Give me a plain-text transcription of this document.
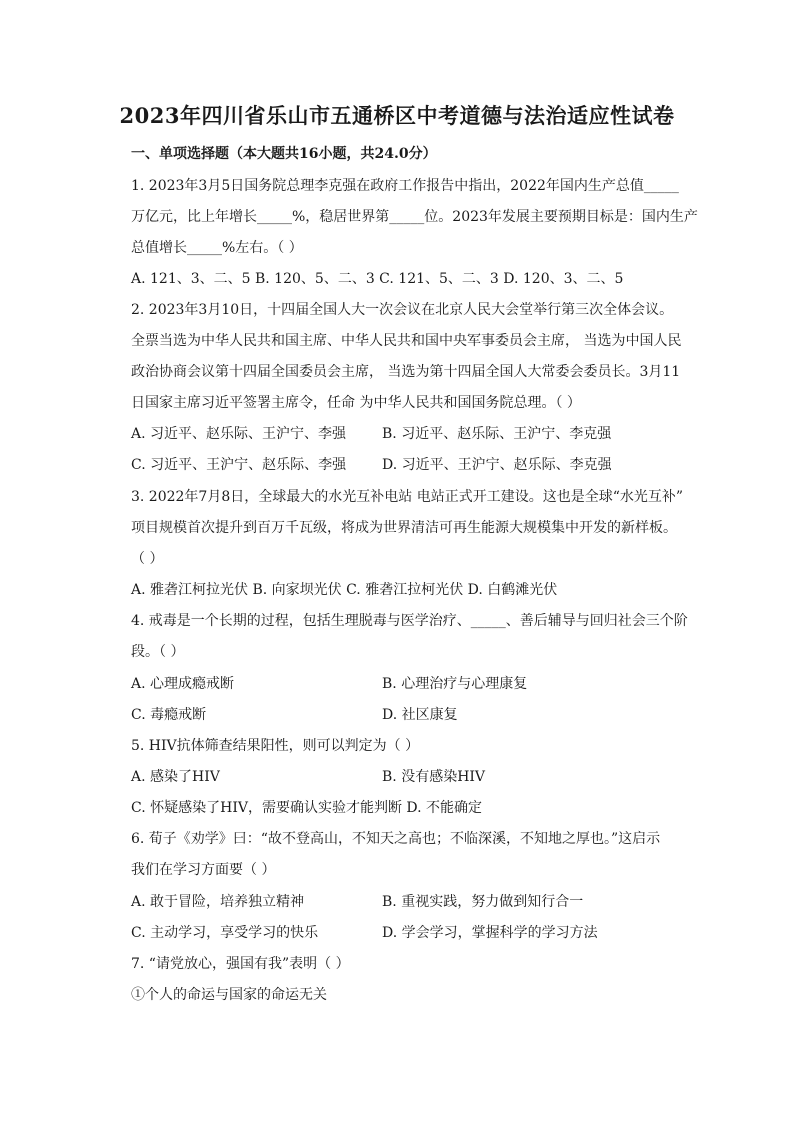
2023年四川省乐山市五通桥区中考道德与法治适应性试卷
一、单项选择题（本大题共16小题，共24.0分）
1. 2023年3月5日国务院总理李克强在政府工作报告中指出，2022年国内生产总值_____
万亿元，比上年增长_____%，稳居世界第_____位。2023年发展主要预期目标是：国内生产
总值增长_____%左右。（ ）
A. 121、3、二、5 B. 120、5、二、3 C. 121、5、二、3 D. 120、3、二、5
2. 2023年3月10日，十四届全国人大一次会议在北京人民大会堂举行第三次全体会议。
全票当选为中华人民共和国主席、中华人民共和国中央军事委员会主席， 当选为中国人民
政治协商会议第十四届全国委员会主席， 当选为第十四届全国人大常委会委员长。3月11
日国家主席习近平签署主席令，任命 为中华人民共和国国务院总理。（ ）
A. 习近平、赵乐际、王沪宁、李强	B. 习近平、赵乐际、王沪宁、李克强
C. 习近平、王沪宁、赵乐际、李强	D. 习近平、王沪宁、赵乐际、李克强
3. 2022年7月8日，全球最大的水光互补电站 电站正式开工建设。这也是全球“水光互补”
项目规模首次提升到百万千瓦级，将成为世界清洁可再生能源大规模集中开发的新样板。
（ ）
A. 雅砻江柯拉光伏 B. 向家坝光伏 C. 雅砻江拉柯光伏 D. 白鹤滩光伏
4. 戒毒是一个长期的过程，包括生理脱毒与医学治疗、_____、善后辅导与回归社会三个阶
段。（ ）
A. 心理成瘾戒断	B. 心理治疗与心理康复
C. 毒瘾戒断	D. 社区康复
5. HIV抗体筛查结果阳性，则可以判定为（ ）
A. 感染了HIV	B. 没有感染HIV
C. 怀疑感染了HIV，需要确认实验才能判断 D. 不能确定
6. 荀子《劝学》曰：“故不登高山，不知天之高也；不临深溪，不知地之厚也。”这启示
我们在学习方面要（ ）
A. 敢于冒险，培养独立精神	B. 重视实践，努力做到知行合一
C. 主动学习，享受学习的快乐	D. 学会学习，掌握科学的学习方法
7. “请党放心，强国有我”表明（ ）
①个人的命运与国家的命运无关
